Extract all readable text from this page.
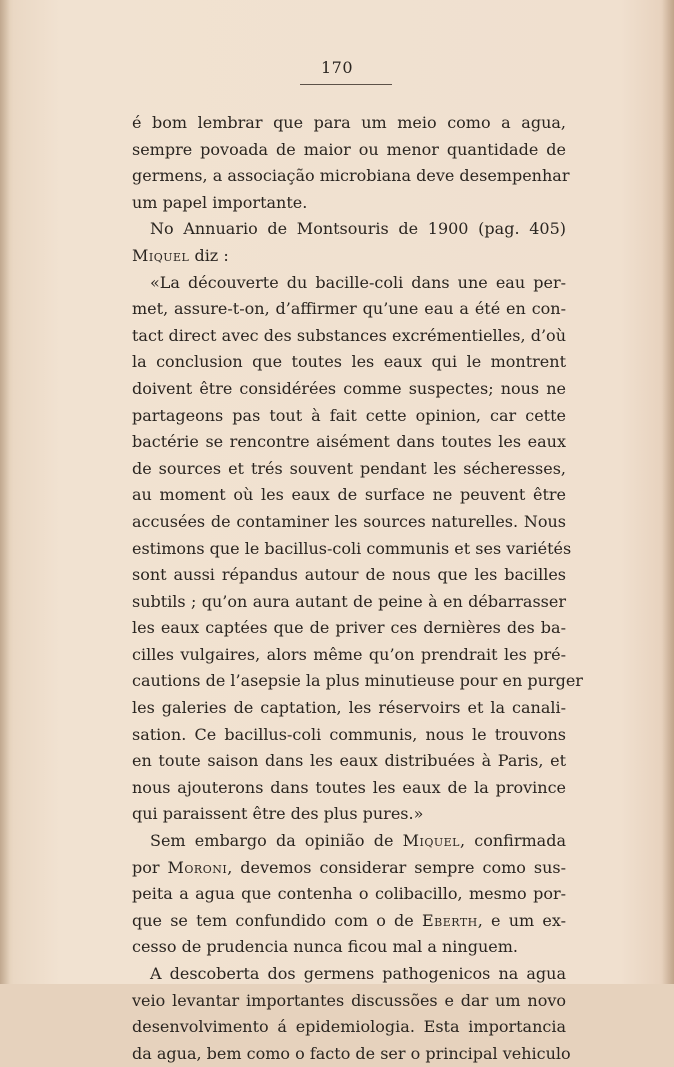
170
é bom lembrar que para um meio como a agua,
sempre povoada de maior ou menor quantidade de
germens, a associação microbiana deve desempenhar
um papel importante.
No Annuario de Montsouris de 1900 (pag. 405)
Miquel diz :
«La découverte du bacille-coli dans une eau per-
met, assure-t-on, d’affirmer qu’une eau a été en con-
tact direct avec des substances excrémentielles, d’où
la conclusion que toutes les eaux qui le montrent
doivent être considérées comme suspectes; nous ne
partageons pas tout à fait cette opinion, car cette
bactérie se rencontre aisément dans toutes les eaux
de sources et trés souvent pendant les sécheresses,
au moment où les eaux de surface ne peuvent être
accusées de contaminer les sources naturelles. Nous
estimons que le bacillus-coli communis et ses variétés
sont aussi répandus autour de nous que les bacilles
subtils ; qu’on aura autant de peine à en débarrasser
les eaux captées que de priver ces dernières des ba-
cilles vulgaires, alors même qu’on prendrait les pré-
cautions de l’asepsie la plus minutieuse pour en purger
les galeries de captation, les réservoirs et la canali-
sation. Ce bacillus-coli communis, nous le trouvons
en toute saison dans les eaux distribuées à Paris, et
nous ajouterons dans toutes les eaux de la province
qui paraissent être des plus pures.»
Sem embargo da opinião de Miquel, confirmada
por Moroni, devemos considerar sempre como sus-
peita a agua que contenha o colibacillo, mesmo por-
que se tem confundido com o de Eberth, e um ex-
cesso de prudencia nunca ficou mal a ninguem.
A descoberta dos germens pathogenicos na agua
veio levantar importantes discussões e dar um novo
desenvolvimento á epidemiologia. Esta importancia
da agua, bem como o facto de ser o principal vehiculo
